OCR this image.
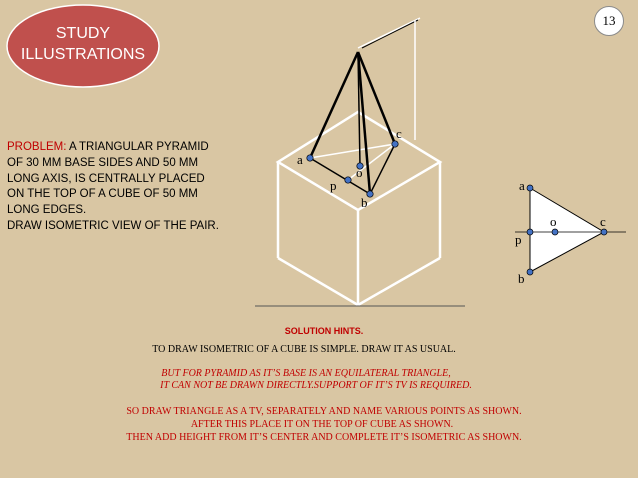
a
b
c
o
p	a
b
c
o
p
STUDY
ILLUSTRATIONS
13
PROBLEM: A TRIANGULAR PYRAMID
OF 30 MM BASE SIDES AND 50 MM
LONG AXIS, IS CENTRALLY PLACED
ON THE TOP OF A CUBE OF 50 MM
LONG EDGES.
DRAW ISOMETRIC VIEW OF THE PAIR.
SOLUTION HINTS.
TO DRAW ISOMETRIC OF A CUBE IS SIMPLE. DRAW IT AS USUAL.
BUT FOR PYRAMID AS IT’S BASE IS AN EQUILATERAL TRIANGLE,
IT CAN NOT BE DRAWN DIRECTLY.SUPPORT OF IT’S TV IS REQUIRED.
SO DRAW TRIANGLE AS A TV, SEPARATELY AND NAME VARIOUS POINTS AS SHOWN.
AFTER THIS PLACE IT ON THE TOP OF CUBE AS SHOWN.
THEN ADD HEIGHT FROM IT’S CENTER AND COMPLETE IT’S ISOMETRIC AS SHOWN.
